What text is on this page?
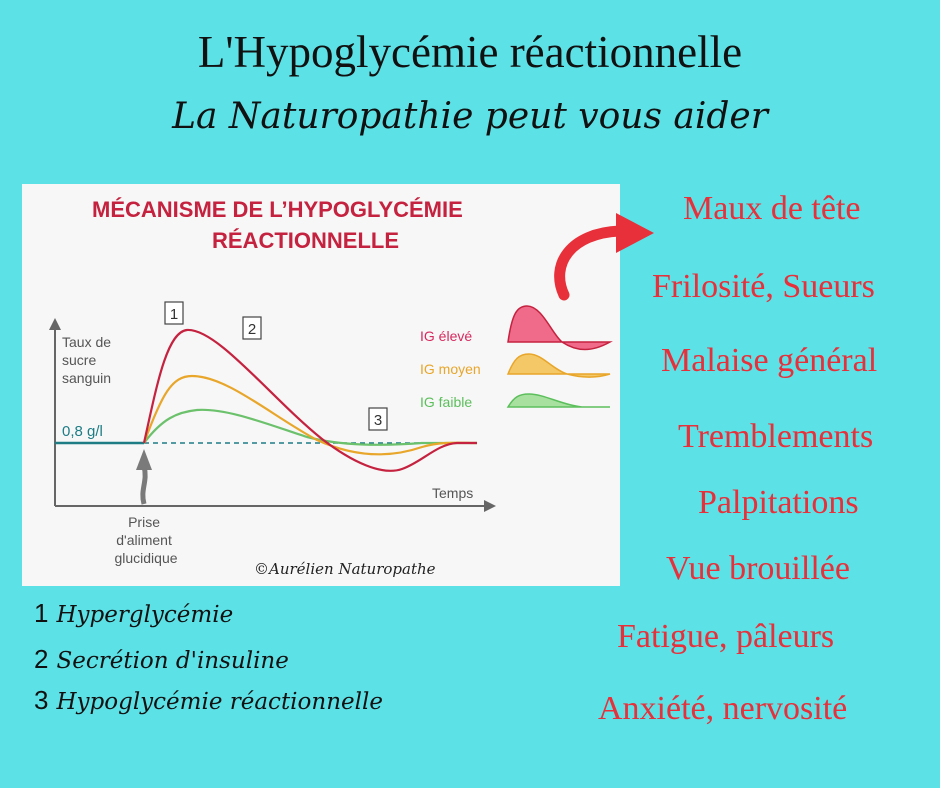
L'Hypoglycémie réactionnelle
La Naturopathie peut vous aider
MÉCANISME DE L’HYPOGLYCÉMIE
RÉACTIONNELLE
Taux de sucre sanguin
0,8 g/l
1
2
3
Prise d'aliment glucidique
Temps
IG élevé
IG moyen
IG faible
©Aurélien Naturopathe
Maux de tête
Frilosité, Sueurs
Malaise général
Tremblements
Palpitations
Vue brouillée
Fatigue, pâleurs
Anxiété, nervosité
1 Hyperglycémie
2 Secrétion d'insuline
3 Hypoglycémie réactionnelle
